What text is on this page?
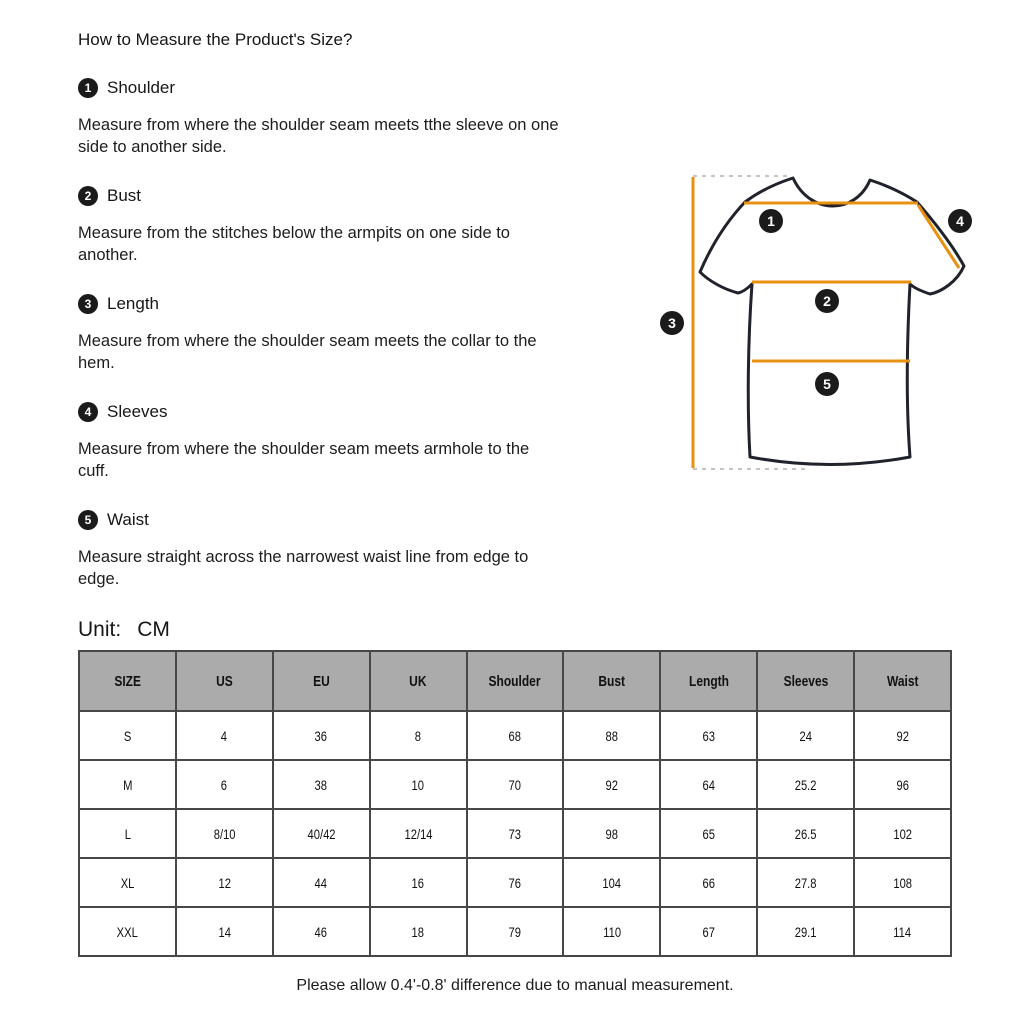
How to Measure the Product's Size?
1 Shoulder

Measure from where the shoulder seam meets tthe sleeve on one
side to another side.

2 Bust

Measure from the stitches below the armpits on one side to
another.

3 Length

Measure from where the shoulder seam meets the collar to the
hem.

4 Sleeves

Measure from where the shoulder seam meets armhole to the
cuff.

5 Waist

Measure straight across the narrowest waist line from edge to
edge.

Unit: CM
1
2
3
4
5
SIZE	US	EU	UK	Shoulder	Bust	Length	Sleeves	Waist
S	4	36	8	68	88	63	24	92
M	6	38	10	70	92	64	25.2	96
L	8/10	40/42	12/14	73	98	65	26.5	102
XL	12	44	16	76	104	66	27.8	108
XXL	14	46	18	79	110	67	29.1	114
Please allow 0.4'-0.8' difference due to manual measurement.
